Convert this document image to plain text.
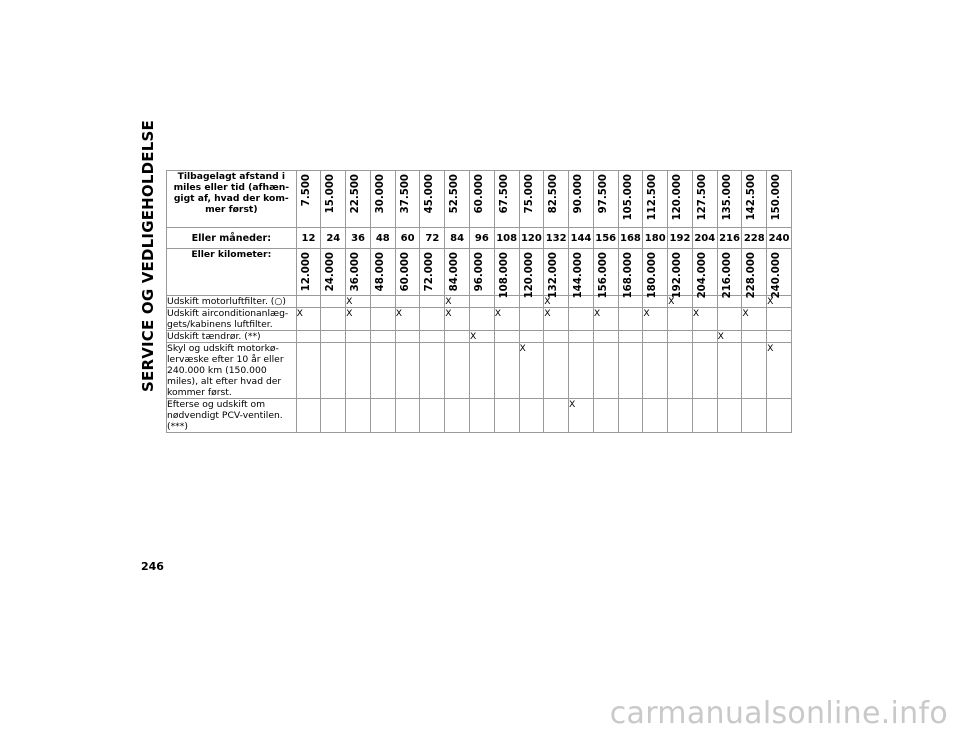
SERVICE OG VEDLIGEHOLDELSE Tilbagelagt afstand i miles eller tid (afhæn-gigt af, hvad der kom-mer først)	7.500	15.000	22.500	30.000	37.500	45.000	52.500	60.000	67.500	75.000	82.500	90.000	97.500	105.000	112.500	120.000	127.500	135.000	142.500	150.000

Eller måneder:	12	24	36	48	60	72	84	96	108	120	132	144	156	168	180	192	204	216	228	240
Eller kilometer:	12.000	24.000	36.000	48.000	60.000	72.000	84.000	96.000	108.000	120.000	132.000	144.000	156.000	168.000	180.000	192.000	204.000	216.000	228.000	240.000

Udskift motorluftfilter. (○)			X				X				X					X				X
Udskift airconditionanlæg-gets/kabinens luftfilter.	X		X		X		X		X		X		X		X		X		X	
Udskift tændrør. (**)								X										X		
Skyl og udskift motorkø-lervæske efter 10 år eller 240.000 km (150.000 miles), alt efter hvad der kommer først.										X										X
Efterse og udskift om nødvendigt PCV-ventilen. (***)												X								
246
carmanualsonline.info
